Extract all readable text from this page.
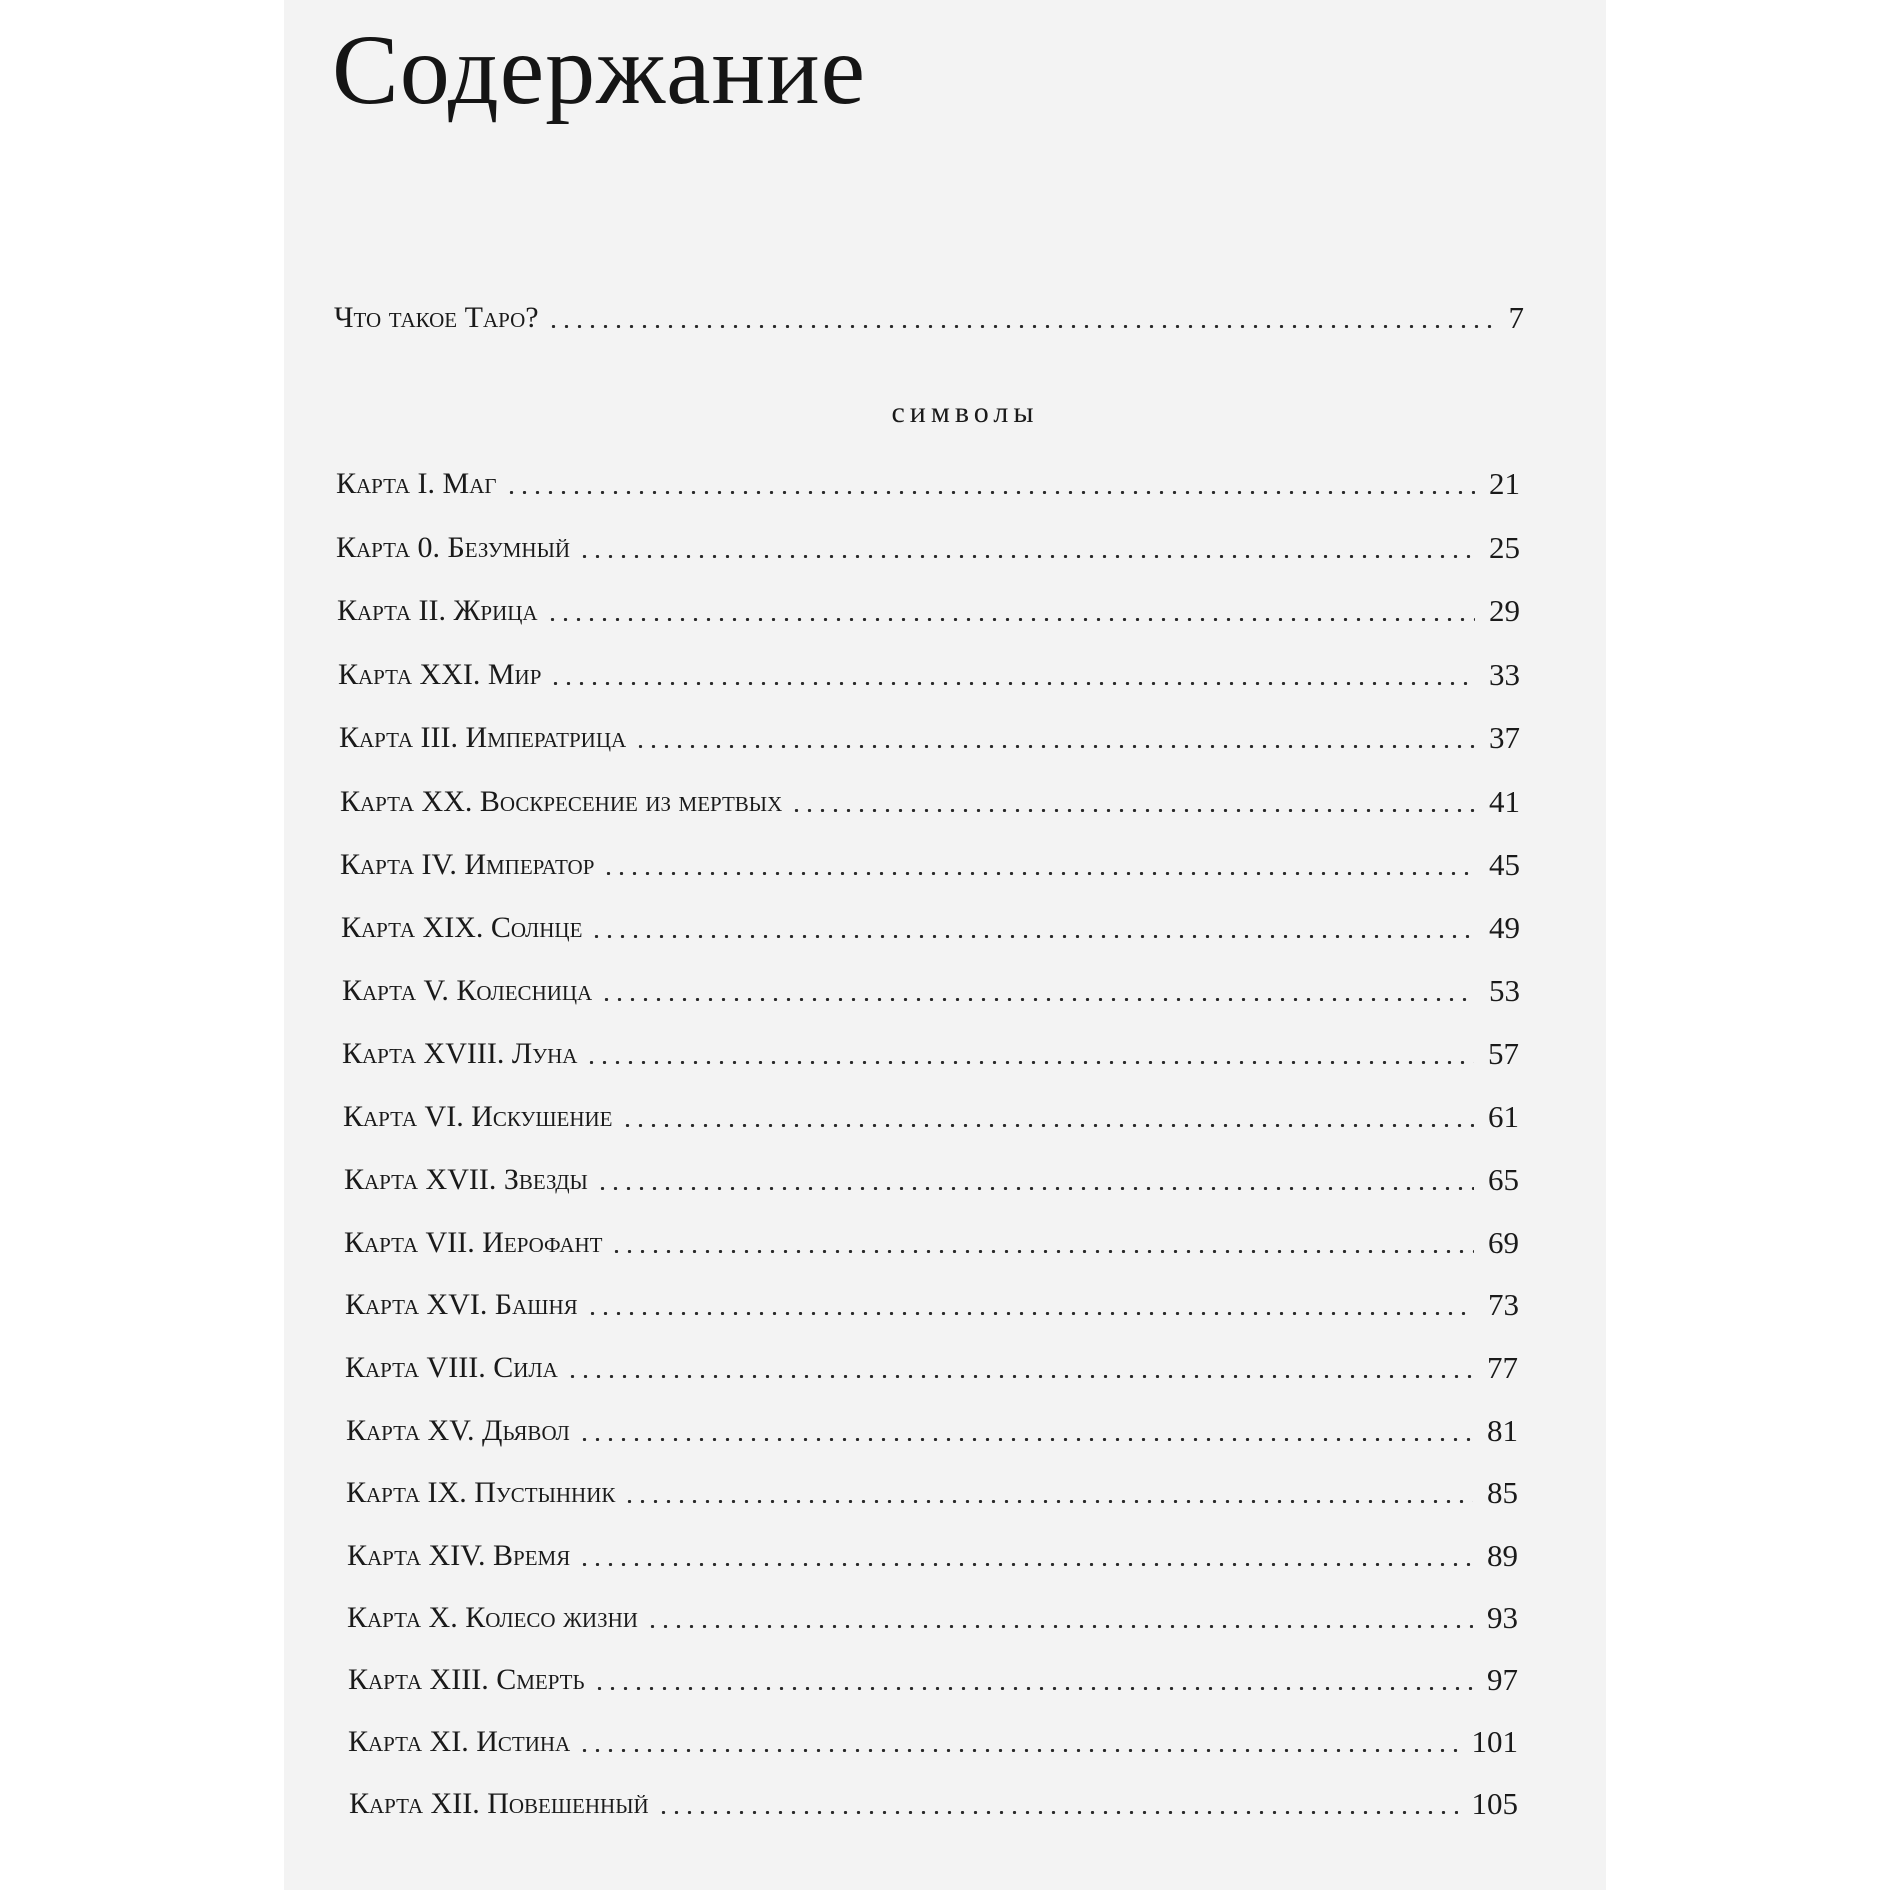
Содержание
Что такое Таро?	7
символы
Карта I. Маг	21
Карта 0. Безумный	25
Карта II. Жрица	29
Карта XXI. Мир	33
Карта III. Императрица	37
Карта XX. Воскресение из мертвых	41
Карта IV. Император	45
Карта XIX. Солнце	49
Карта V. Колесница	53
Карта XVIII. Луна	57
Карта VI. Искушение	61
Карта XVII. Звезды	65
Карта VII. Иерофант	69
Карта XVI. Башня	73
Карта VIII. Сила	77
Карта XV. Дьявол	81
Карта IX. Пустынник	85
Карта XIV. Время	89
Карта X. Колесо жизни	93
Карта XIII. Смерть	97
Карта XI. Истина	101
Карта XII. Повешенный	105
